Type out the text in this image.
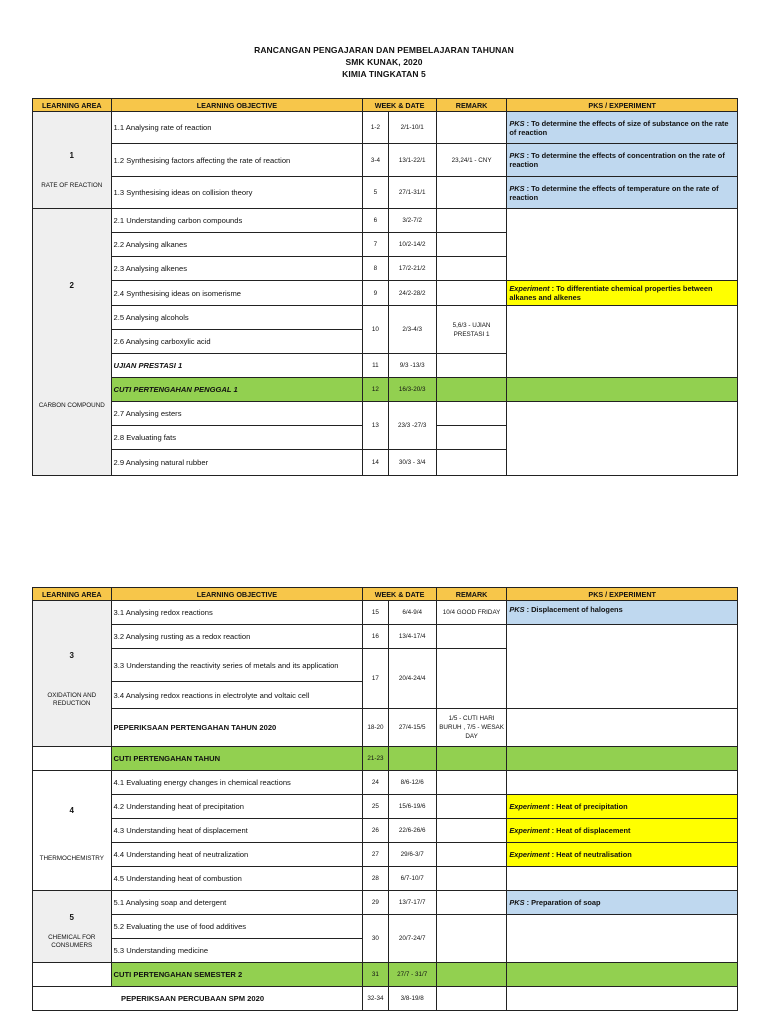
RANCANGAN PENGAJARAN DAN PEMBELAJARAN TAHUNAN
SMK KUNAK, 2020
KIMIA TINGKATAN 5
LEARNING AREA	LEARNING OBJECTIVE	WEEK & DATE		REMARK	PKS / EXPERIMENT

1
RATE OF REACTION	1.1 Analysing rate of reaction	1-2	2/1-10/1		PKS : To determine the effects of size of substance on the rate of reaction
	1.2 Synthesising factors affecting the rate of reaction	3-4	13/1-22/1	23,24/1 - CNY	PKS : To determine the effects of concentration on the rate of reaction
	1.3 Synthesising ideas on collision theory	5	27/1-31/1		PKS : To determine the effects of temperature on the rate of reaction

2
CARBON COMPOUND	2.1 Understanding carbon compounds	6	3/2-7/2		
	2.2 Analysing alkanes	7	10/2-14/2		
	2.3 Analysing alkenes	8	17/2-21/2		
	2.4 Synthesising ideas on isomerisme	9	24/2-28/2		Experiment : To differentiate chemical properties between alkanes and alkenes
	2.5 Analysing alcohols	10	2/3-4/3	5,6/3 - UJIAN PRESTASI 1	
	2.6 Analysing carboxylic acid				
	UJIAN PRESTASI 1	11	9/3 -13/3		
	CUTI PERTENGAHAN PENGGAL 1	12	16/3-20/3		
	2.7 Analysing esters	13	23/3 -27/3		
	2.8 Evaluating fats				
	2.9 Analysing natural rubber	14	30/3 - 3/4		
LEARNING AREA	LEARNING OBJECTIVE	WEEK & DATE		REMARK	PKS / EXPERIMENT

3
OXIDATION AND REDUCTION	3.1 Analysing redox reactions	15	6/4-9/4	10/4 GOOD FRIDAY	PKS : Displacement of halogens
	3.2 Analysing rusting as a redox reaction	16	13/4-17/4		
	3.3 Understanding the reactivity series of metals and its application	17	20/4-24/4		
	3.4 Analysing redox reactions in electrolyte and voltaic cell				
	PEPERIKSAAN PERTENGAHAN TAHUN 2020	18-20	27/4-15/5	1/5 - CUTI HARI BURUH , 7/5 - WESAK DAY	
	CUTI PERTENGAHAN TAHUN	21-23			

4
THERMOCHEMISTRY	4.1 Evaluating energy changes in chemical reactions	24	8/6-12/6		
	4.2 Understanding heat of precipitation	25	15/6-19/6		Experiment : Heat of precipitation
	4.3 Understanding heat of displacement	26	22/6-26/6		Experiment : Heat of displacement
	4.4 Understanding heat of neutralization	27	29/6-3/7		Experiment : Heat of neutralisation
	4.5 Understanding heat of combustion	28	6/7-10/7		

5
CHEMICAL FOR CONSUMERS	5.1 Analysing soap and detergent	29	13/7-17/7		PKS : Preparation of soap
	5.2 Evaluating the use of food additives	30	20/7-24/7		
	5.3 Understanding medicine				
	CUTI PERTENGAHAN SEMESTER 2	31	27/7 - 31/7		
PEPERIKSAAN PERCUBAAN SPM 2020		32-34	3/8-19/8		
